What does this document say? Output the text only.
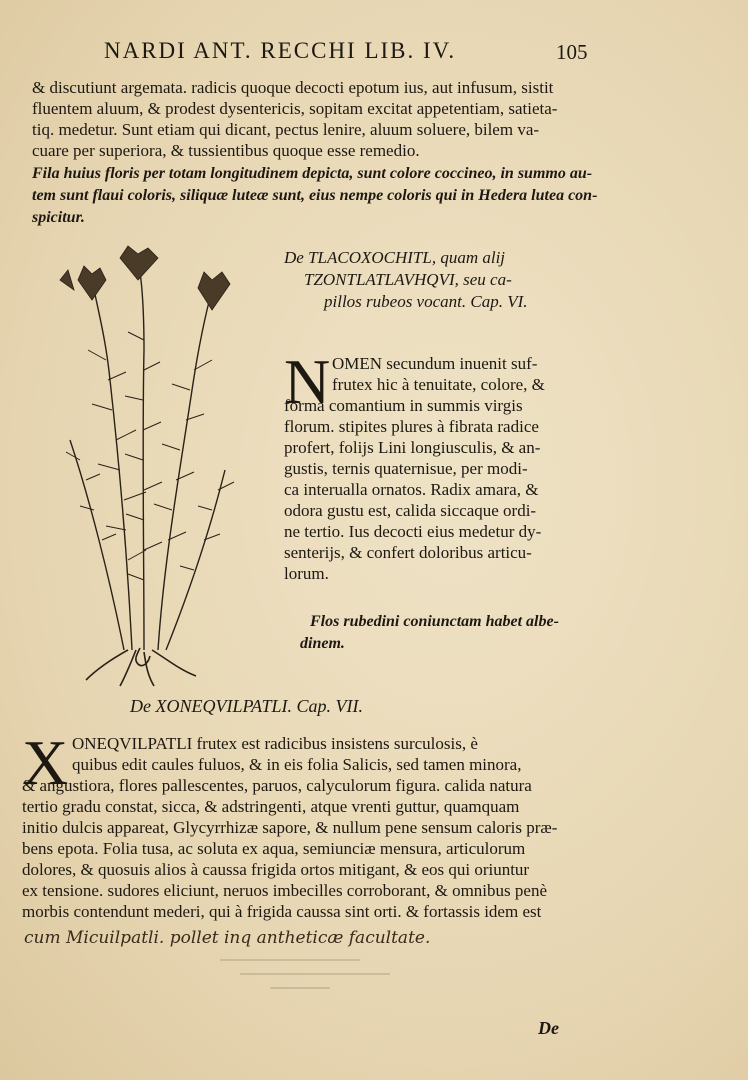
NARDI ANT. RECCHI LIB. IV.	105
& discutiunt argemata. radicis quoque decocti epotum ius, aut infusum, sistit
fluentem aluum, & prodest dysentericis, sopitam excitat appetentiam, satieta-
tiq. medetur. Sunt etiam qui dicant, pectus lenire, aluum soluere, bilem va-
cuare per superiora, & tussientibus quoque esse remedio.
Fila huius floris per totam longitudinem depicta, sunt colore coccineo, in summo au-
tem sunt flaui coloris, siliquæ luteæ sunt, eius nempe coloris qui in Hedera lutea con-
spicitur.
De TLACOXOCHITL, quam alij
TZONTLATLAVHQVI, seu ca-
pillos rubeos vocant. Cap. VI.
N OMEN secundum inuenit suf-
frutex hic à tenuitate, colore, &
forma comantium in summis virgis
florum. stipites plures à fibrata radice
profert, folijs Lini longiusculis, & an-
gustis, ternis quaternisue, per modi-
ca interualla ornatos. Radix amara, &
odora gustu est, calida siccaque ordi-
ne tertio. Ius decocti eius medetur dy-
senterijs, & confert doloribus articu-
lorum.
Flos rubedini coniunctam habet albe-
dinem.
De XONEQVILPATLI. Cap. VII.
X ONEQVILPATLI frutex est radicibus insistens surculosis, è
quibus edit caules fuluos, & in eis folia Salicis, sed tamen minora,
& angustiora, flores pallescentes, paruos, calyculorum figura. calida natura
tertio gradu constat, sicca, & adstringenti, atque vrenti guttur, quamquam
initio dulcis appareat, Glycyrrhizæ sapore, & nullum pene sensum caloris præ-
bens epota. Folia tusa, ac soluta ex aqua, semiunciæ mensura, articulorum
dolores, & quosuis alios à caussa frigida ortos mitigant, & eos qui oriuntur
ex tensione. sudores eliciunt, neruos imbecilles corroborant, & omnibus penè
morbis contendunt mederi, qui à frigida caussa sint orti. & fortassis idem est
cum Micuilpatli. pollet inq antheticæ facultate.
De
